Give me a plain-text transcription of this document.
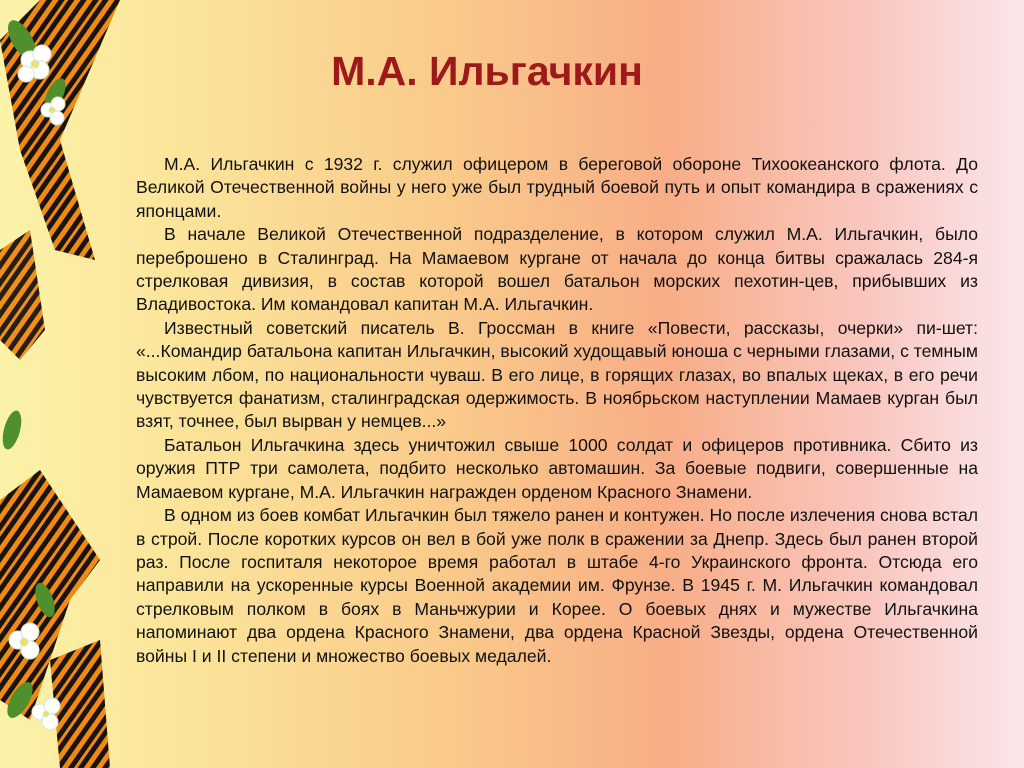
М.А. Ильгачкин

М.А. Ильгачкин с 1932 г. служил офицером в береговой обороне Тихоокеанского флота. До Великой Отечественной войны у него уже был трудный боевой путь и опыт командира в сражениях с японцами.

В начале Великой Отечественной подразделение, в котором служил М.А. Ильгачкин, было переброшено в Сталинград. На Мамаевом кургане от начала до конца битвы сражалась 284-я стрелковая дивизия, в состав которой вошел батальон морских пехотин-цев, прибывших из Владивостока. Им командовал капитан М.А. Ильгачкин.

Известный советский писатель В. Гроссман в книге «Повести, рассказы, очерки» пи-шет: «...Командир батальона капитан Ильгачкин, высокий худощавый юноша с черными глазами, с темным высоким лбом, по национальности чуваш. В его лице, в горящих глазах, во впалых щеках, в его речи чувствуется фанатизм, сталинградская одержимость. В ноябрьском наступлении Мамаев курган был взят, точнее, был вырван у немцев...»

Батальон Ильгачкина здесь уничтожил свыше 1000 солдат и офицеров противника. Сбито из оружия ПТР три самолета, подбито несколько автомашин. За боевые подвиги, совершенные на Мамаевом кургане, М.А. Ильгачкин награжден орденом Красного Знамени.

В одном из боев комбат Ильгачкин был тяжело ранен и контужен. Но после излечения снова встал в строй. После коротких курсов он вел в бой уже полк в сражении за Днепр. Здесь был ранен второй раз. После госпиталя некоторое время работал в штабе 4-го Украинского фронта. Отсюда его направили на ускоренные курсы Военной академии им. Фрунзе. В 1945 г. М. Ильгачкин командовал стрелковым полком в боях в Маньчжурии и Корее. О боевых днях и мужестве Ильгачкина напоминают два ордена Красного Знамени, два ордена Красной Звезды, ордена Отечественной войны I и II степени и множество боевых медалей.
